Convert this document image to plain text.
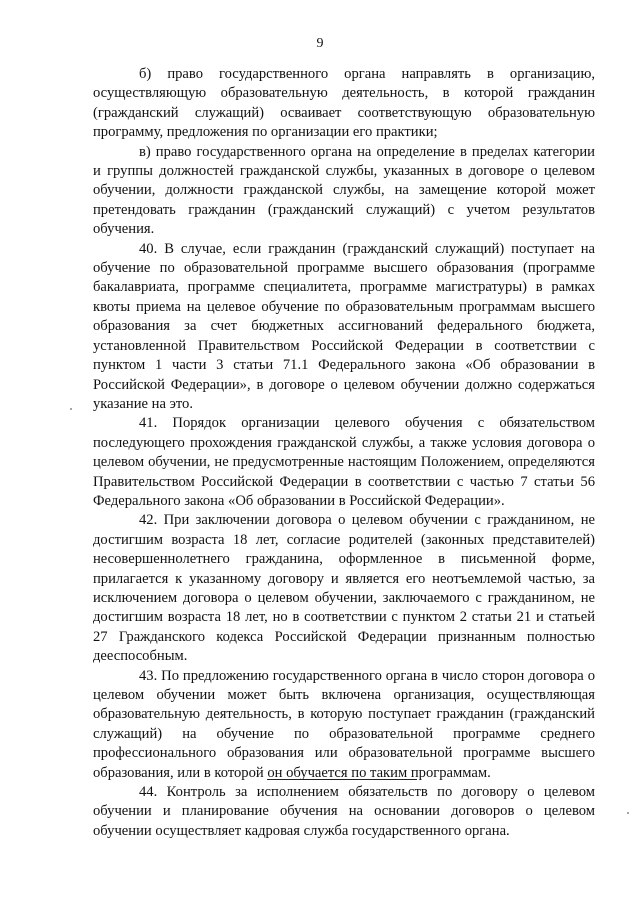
9

б) право государственного органа направлять в организацию, осуществляющую образовательную деятельность, в которой гражданин (гражданский служащий) осваивает соответствующую образовательную программу, предложения по организации его практики;

в) право государственного органа на определение в пределах категории и группы должностей гражданской службы, указанных в договоре о целевом обучении, должности гражданской службы, на замещение которой может претендовать гражданин (гражданский служащий) с учетом результатов обучения.

40. В случае, если гражданин (гражданский служащий) поступает на обучение по образовательной программе высшего образования (программе бакалавриата, программе специалитета, программе магистратуры) в рамках квоты приема на целевое обучение по образовательным программам высшего образования за счет бюджетных ассигнований федерального бюджета, установленной Правительством Российской Федерации в соответствии с пунктом 1 части 3 статьи 71.1 Федерального закона «Об образовании в Российской Федерации», в договоре о целевом обучении должно содержаться указание на это.

41. Порядок организации целевого обучения с обязательством последующего прохождения гражданской службы, а также условия договора о целевом обучении, не предусмотренные настоящим Положением, определяются Правительством Российской Федерации в соответствии с частью 7 статьи 56 Федерального закона «Об образовании в Российской Федерации».

42. При заключении договора о целевом обучении с гражданином, не достигшим возраста 18 лет, согласие родителей (законных представителей) несовершеннолетнего гражданина, оформленное в письменной форме, прилагается к указанному договору и является его неотъемлемой частью, за исключением договора о целевом обучении, заключаемого с гражданином, не достигшим возраста 18 лет, но в соответствии с пунктом 2 статьи 21 и статьей 27 Гражданского кодекса Российской Федерации признанным полностью дееспособным.

43. По предложению государственного органа в число сторон договора о целевом обучении может быть включена организация, осуществляющая образовательную деятельность, в которую поступает гражданин (гражданский служащий) на обучение по образовательной программе среднего профессионального образования или образовательной программе высшего образования, или в которой он обучается по таким программам.

44. Контроль за исполнением обязательств по договору о целевом обучении и планирование обучения на основании договоров о целевом обучении осуществляет кадровая служба государственного органа.
